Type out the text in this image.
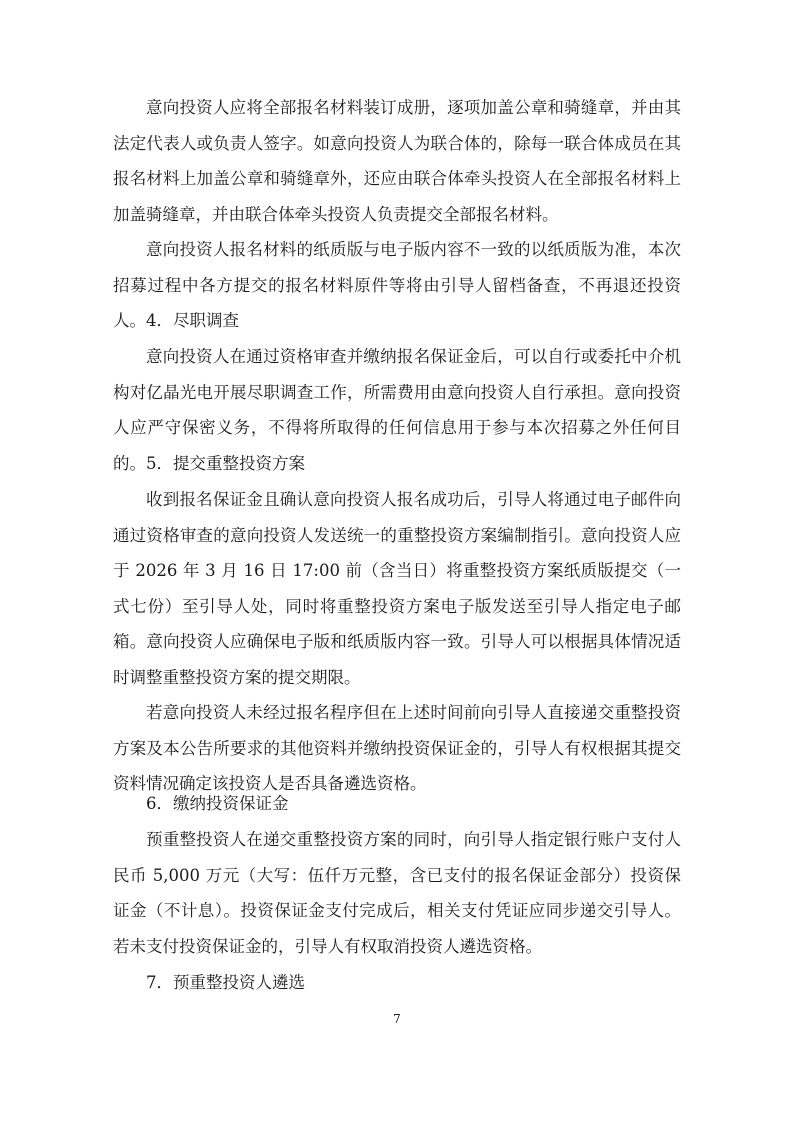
意向投资人应将全部报名材料装订成册，逐项加盖公章和骑缝章，并由其法定代表人或负责人签字。如意向投资人为联合体的，除每一联合体成员在其报名材料上加盖公章和骑缝章外，还应由联合体牵头投资人在全部报名材料上加盖骑缝章，并由联合体牵头投资人负责提交全部报名材料。

意向投资人报名材料的纸质版与电子版内容不一致的以纸质版为准，本次招募过程中各方提交的报名材料原件等将由引导人留档备查，不再退还投资人。 4．尽职调查

意向投资人在通过资格审查并缴纳报名保证金后，可以自行或委托中介机构对亿晶光电开展尽职调查工作，所需费用由意向投资人自行承担。意向投资人应严守保密义务，不得将所取得的任何信息用于参与本次招募之外任何目的。 5．提交重整投资方案

收到报名保证金且确认意向投资人报名成功后，引导人将通过电子邮件向通过资格审查的意向投资人发送统一的重整投资方案编制指引。意向投资人应于 2026 年 3 月 16 日 17:00 前（含当日）将重整投资方案纸质版提交（一式七份）至引导人处，同时将重整投资方案电子版发送至引导人指定电子邮箱。意向投资人应确保电子版和纸质版内容一致。引导人可以根据具体情况适时调整重整投资方案的提交期限。

若意向投资人未经过报名程序但在上述时间前向引导人直接递交重整投资方案及本公告所要求的其他资料并缴纳投资保证金的，引导人有权根据其提交资料情况确定该投资人是否具备遴选资格。

6．缴纳投资保证金

预重整投资人在递交重整投资方案的同时，向引导人指定银行账户支付人民币 5,000 万元（大写：伍仟万元整，含已支付的报名保证金部分）投资保证金（不计息）。投资保证金支付完成后，相关支付凭证应同步递交引导人。若未支付投资保证金的，引导人有权取消投资人遴选资格。

7．预重整投资人遴选

7
